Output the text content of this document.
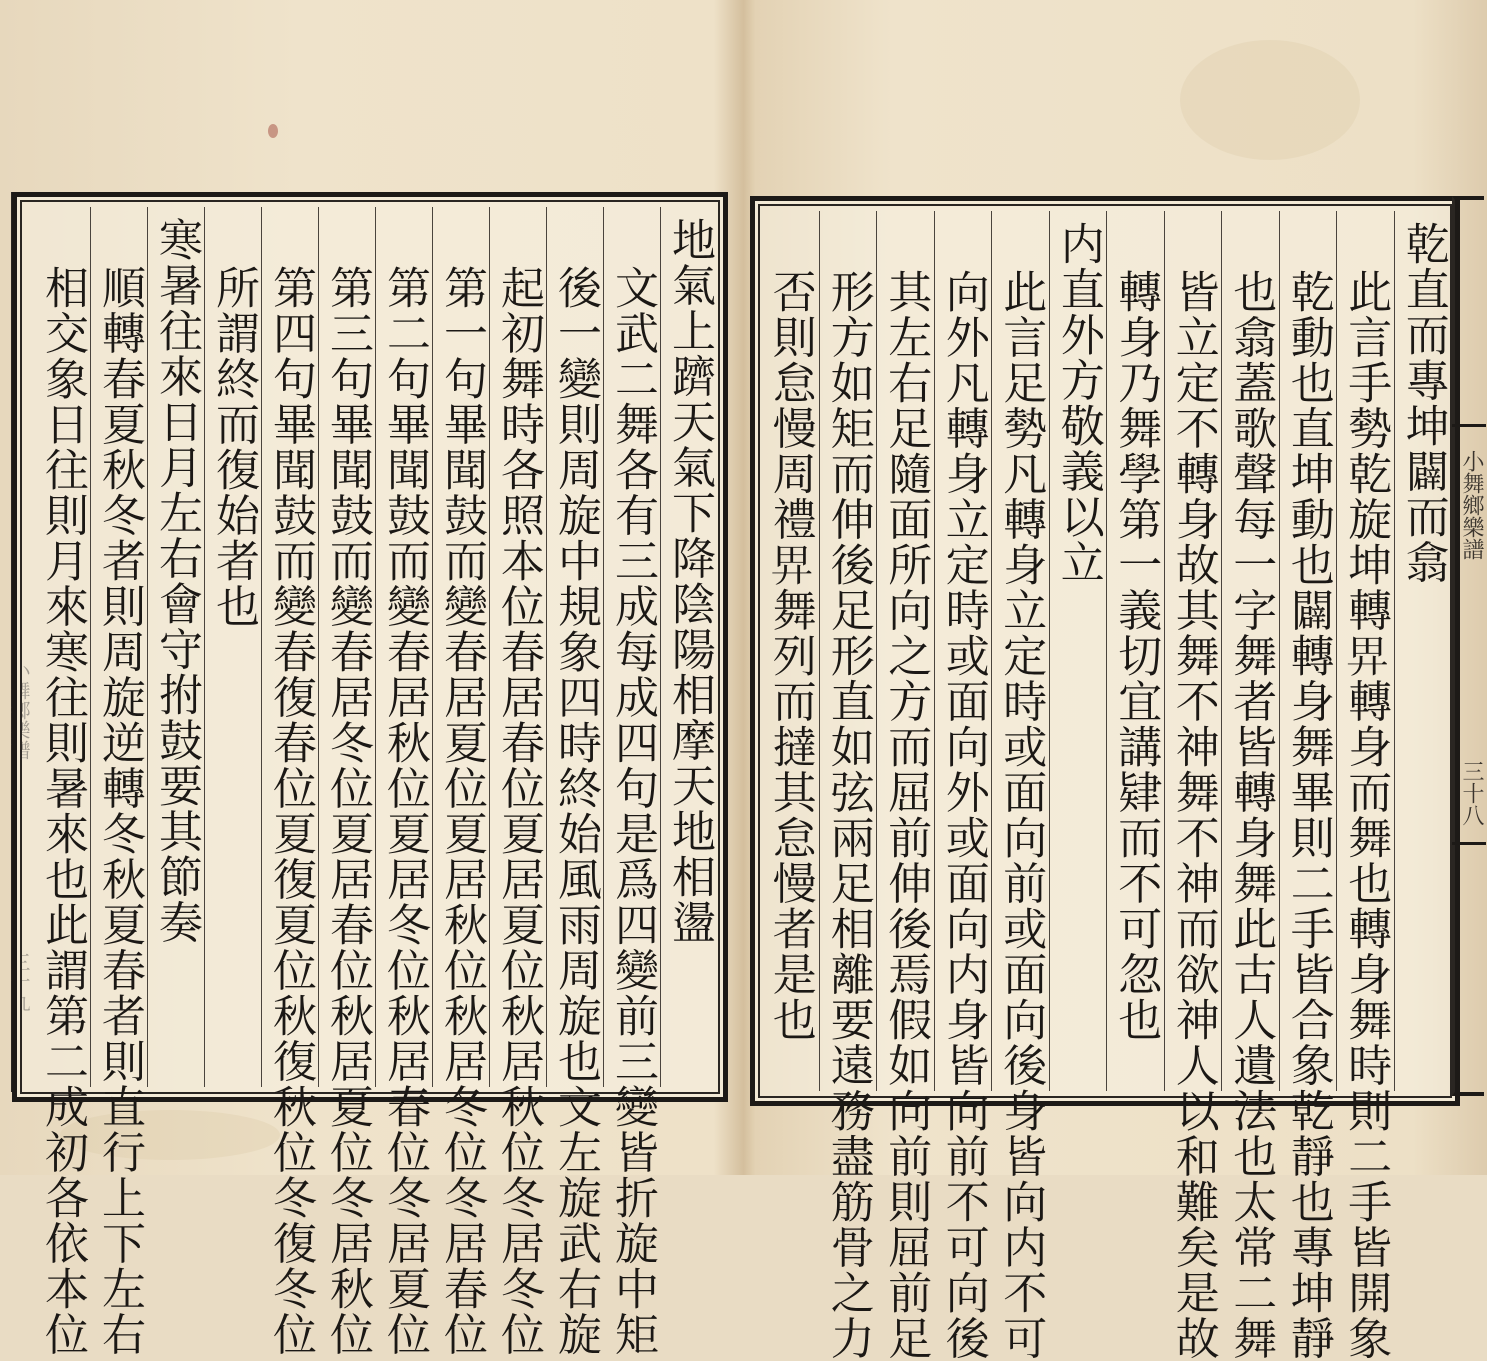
地氣上躋天氣下降陰陽相摩天地相盪
文武二舞各有三成每成四句是爲四變前三變皆折旋中矩
後一變則周旋中規象四時終始風雨周旋也文左旋武右旋
起初舞時各照本位春居春位夏居夏位秋居秋位冬居冬位
第一句畢聞鼓而變春居夏位夏居秋位秋居冬位冬居春位
第二句畢聞鼓而變春居秋位夏居冬位秋居春位冬居夏位
第三句畢聞鼓而變春居冬位夏居春位秋居夏位冬居秋位
第四句畢聞鼓而變春復春位夏復夏位秋復秋位冬復冬位
所謂終而復始者也
寒暑往來日月左右會守拊鼓要其節奏
順轉春夏秋冬者則周旋逆轉冬秋夏春者則直行上下左右
相交象日往則月來寒往則暑來也此謂第二成初各依本位	乾直而專坤闢而翕
此言手勢乾旋坤轉𢌿轉身而舞也轉身舞時則二手皆開象
乾動也直坤動也闢轉身舞畢則二手皆合象乾靜也專坤靜
也翕蓋歌聲每一字舞者皆轉身舞此古人遺法也太常二舞
皆立定不轉身故其舞不神舞不神而欲神人以和難矣是故
轉身乃舞學第一義切宜講肄而不可忽也
内直外方敬義以立
此言足勢凡轉身立定時或面向前或面向後身皆向内不可
向外凡轉身立定時或面向外或面向内身皆向前不可向後
其左右足隨面所向之方而屈前伸後焉假如向前則屈前足
形方如矩而伸後足形直如弦兩足相離要遠務盡筋骨之力
否則怠慢周禮𢌿舞列而撻其怠慢者是也	小舞鄉樂譜
三十八
